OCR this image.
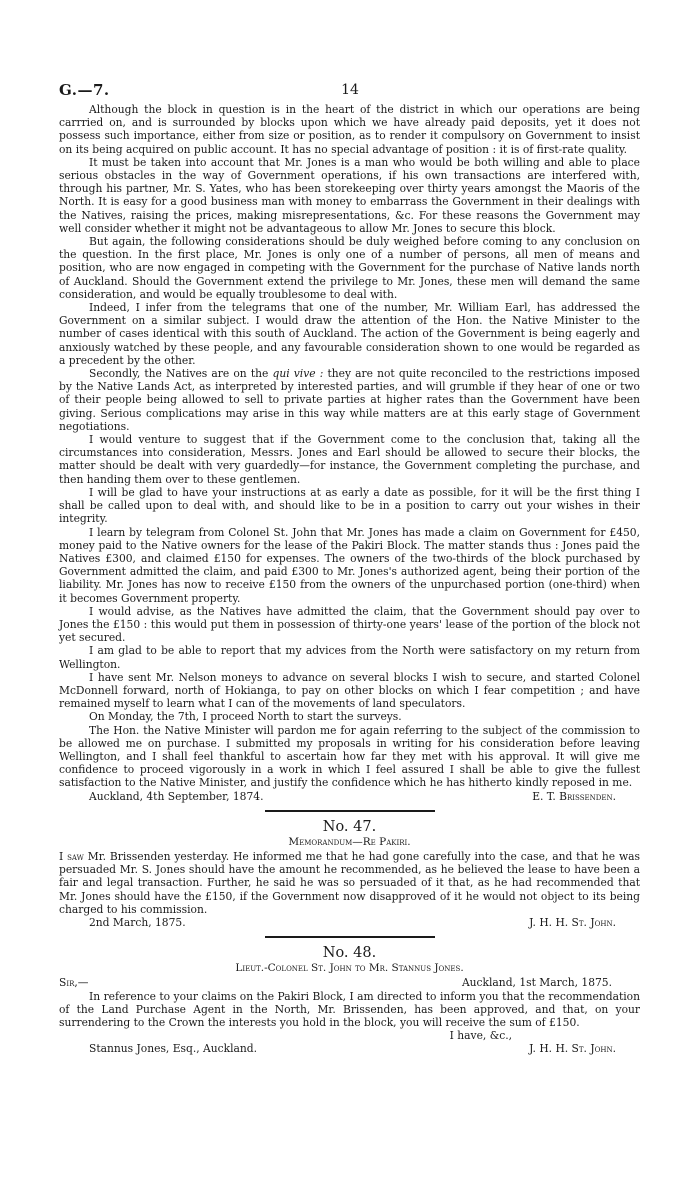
G.—7.	14

Although the block in question is in the heart of the district in which our operations are being carrried on, and is surrounded by blocks upon which we have already paid deposits, yet it does not possess such importance, either from size or position, as to render it compulsory on Government to insist on its being acquired on public account. It has no special advantage of position : it is of first-rate quality.

It must be taken into account that Mr. Jones is a man who would be both willing and able to place serious obstacles in the way of Government operations, if his own transactions are interfered with, through his partner, Mr. S. Yates, who has been storekeeping over thirty years amongst the Maoris of the North. It is easy for a good business man with money to embarrass the Government in their dealings with the Natives, raising the prices, making misrepresentations, &c. For these reasons the Government may well consider whether it might not be advantageous to allow Mr. Jones to secure this block.

But again, the following considerations should be duly weighed before coming to any conclusion on the question. In the first place, Mr. Jones is only one of a number of persons, all men of means and position, who are now engaged in competing with the Government for the purchase of Native lands north of Auckland. Should the Government extend the privilege to Mr. Jones, these men will demand the same consideration, and would be equally troublesome to deal with.

Indeed, I infer from the telegrams that one of the number, Mr. William Earl, has addressed the Government on a similar subject. I would draw the attention of the Hon. the Native Minister to the number of cases identical with this south of Auckland. The action of the Government is being eagerly and anxiously watched by these people, and any favourable consideration shown to one would be regarded as a precedent by the other.

Secondly, the Natives are on the qui vive : they are not quite reconciled to the restrictions imposed by the Native Lands Act, as interpreted by interested parties, and will grumble if they hear of one or two of their people being allowed to sell to private parties at higher rates than the Government have been giving. Serious complications may arise in this way while matters are at this early stage of Government negotiations.

I would venture to suggest that if the Government come to the conclusion that, taking all the circumstances into consideration, Messrs. Jones and Earl should be allowed to secure their blocks, the matter should be dealt with very guardedly—for instance, the Government completing the purchase, and then handing them over to these gentlemen.

I will be glad to have your instructions at as early a date as possible, for it will be the first thing I shall be called upon to deal with, and should like to be in a position to carry out your wishes in their integrity.

I learn by telegram from Colonel St. John that Mr. Jones has made a claim on Government for £450, money paid to the Native owners for the lease of the Pakiri Block. The matter stands thus : Jones paid the Natives £300, and claimed £150 for expenses. The owners of the two-thirds of the block purchased by Government admitted the claim, and paid £300 to Mr. Jones's authorized agent, being their portion of the liability. Mr. Jones has now to receive £150 from the owners of the unpurchased portion (one-third) when it becomes Government property.

I would advise, as the Natives have admitted the claim, that the Government should pay over to Jones the £150 : this would put them in possession of thirty-one years' lease of the portion of the block not yet secured.

I am glad to be able to report that my advices from the North were satisfactory on my return from Wellington.

I have sent Mr. Nelson moneys to advance on several blocks I wish to secure, and started Colonel McDonnell forward, north of Hokianga, to pay on other blocks on which I fear competition ; and have remained myself to learn what I can of the movements of land speculators.

On Monday, the 7th, I proceed North to start the surveys.

The Hon. the Native Minister will pardon me for again referring to the subject of the commission to be allowed me on purchase. I submitted my proposals in writing for his consideration before leaving Wellington, and I shall feel thankful to ascertain how far they met with his approval. It will give me confidence to proceed vigorously in a work in which I feel assured I shall be able to give the fullest satisfaction to the Native Minister, and justify the confidence which he has hitherto kindly reposed in me.

Auckland, 4th September, 1874.	E. T. Brissenden.
No. 47.
Memorandum—Re Pakiri.

I saw Mr. Brissenden yesterday. He informed me that he had gone carefully into the case, and that he was persuaded Mr. S. Jones should have the amount he recommended, as he believed the lease to have been a fair and legal transaction. Further, he said he was so persuaded of it that, as he had recommended that Mr. Jones should have the £150, if the Government now disapproved of it he would not object to its being charged to his commission.

2nd March, 1875.	J. H. H. St. John.
No. 48.
Lieut.-Colonel St. John to Mr. Stannus Jones.
Sir,—	Auckland, 1st March, 1875.

In reference to your claims on the Pakiri Block, I am directed to inform you that the recommendation of the Land Purchase Agent in the North, Mr. Brissenden, has been approved, and that, on your surrendering to the Crown the interests you hold in the block, you will receive the sum of £150.

I have, &c.,
Stannus Jones, Esq., Auckland.	J. H. H. St. John.
